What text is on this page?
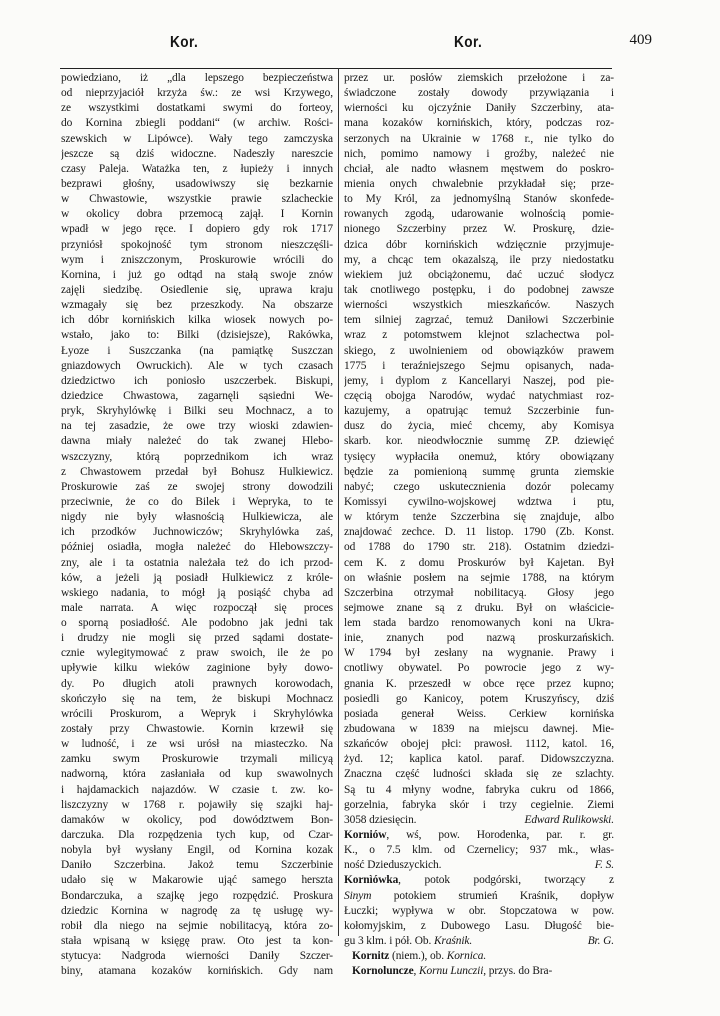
Kor.	Kor.	409
powiedziano, iż „dla lepszego bezpieczeństwa
od nieprzyjaciół krzyża św.: ze wsi Krzywego,
ze wszystkimi dostatkami swymi do forteoy,
do Kornina zbiegli poddani“ (w archiw. Rości-
szewskich w Lipówce). Wały tego zamczyska
jeszcze są dziś widoczne. Nadeszły nareszcie
czasy Paleja. Watażka ten, z łupieży i innych
bezprawi głośny, usadowiwszy się bezkarnie
w Chwastowie, wszystkie prawie szlacheckie
w okolicy dobra przemocą zajął. I Kornin
wpadł w jego ręce. I dopiero gdy rok 1717
przyniósł spokojność tym stronom nieszczęśli-
wym i zniszczonym, Proskurowie wrócili do
Kornina, i już go odtąd na stałą swoje znów
zajęli siedzibę. Osiedlenie się, uprawa kraju
wzmagały się bez przeszkody. Na obszarze
ich dóbr kornińskich kilka wiosek nowych po-
wstało, jako to: Bilki (dzisiejsze), Rakówka,
Łyoze i Suszczanka (na pamiątkę Suszczan
gniazdowych Owruckich). Ale w tych czasach
dziedzictwo ich poniosło uszczerbek. Biskupi,
dziedzice Chwastowa, zagarnęli sąsiedni We-
pryk, Skryhylówkę i Bilki seu Mochnacz, a to
na tej zasadzie, że owe trzy wioski zdawien-
dawna miały należeć do tak zwanej Hlebo-
wszczyzny, którą poprzednikom ich wraz
z Chwastowem przedał był Bohusz Hulkiewicz.
Proskurowie zaś ze swojej strony dowodzili
przeciwnie, że co do Bilek i Wepryka, to te
nigdy nie były własnością Hulkiewicza, ale
ich przodków Juchnowiczów; Skryhylówka zaś,
później osiadła, mogła należeć do Hlebowszczy-
zny, ale i ta ostatnia należała też do ich przod-
ków, a jeżeli ją posiadł Hulkiewicz z króle-
wskiego nadania, to mógł ją posiąść chyba ad
male narrata. A więc rozpoczął się proces
o sporną posiadłość. Ale podobno jak jedni tak
i drudzy nie mogli się przed sądami dostate-
cznie wylegitymować z praw swoich, ile że po
upływie kilku wieków zaginione były dowo-
dy. Po długich atoli prawnych korowodach,
skończyło się na tem, że biskupi Mochnacz
wrócili Proskurom, a Wepryk i Skryhylówka
zostały przy Chwastowie. Kornin krzewił się
w ludność, i ze wsi urósł na miasteczko. Na
zamku swym Proskurowie trzymali milicyą
nadworną, która zasłaniała od kup swawolnych
i hajdamackich najazdów. W czasie t. zw. ko-
liszczyzny w 1768 r. pojawiły się szajki haj-
damaków w okolicy, pod dowództwem Bon-
darczuka. Dla rozpędzenia tych kup, od Czar-
nobyla był wysłany Engil, od Kornina kozak
Daniło Szczerbina. Jakoż temu Szczerbinie
udało się w Makarowie ująć samego herszta
Bondarczuka, a szajkę jego rozpędzić. Proskura
dziedzic Kornina w nagrodę za tę usługę wy-
robił dla niego na sejmie nobilitacyą, która zo-
stała wpisaną w księgę praw. Oto jest ta kon-
stytucya: Nadgroda wierności Daniły Szczer-
biny, atamana kozaków kornińskich. Gdy nam
przez ur. posłów ziemskich przełożone i za-
świadczone zostały dowody przywiązania i
wierności ku ojczyźnie Daniły Szczerbiny, ata-
mana kozaków kornińskich, który, podczas roz-
serzonych na Ukrainie w 1768 r., nie tylko do
nich, pomimo namowy i groźby, należeć nie
chciał, ale nadto własnem męstwem do poskro-
mienia onych chwalebnie przykładał się; prze-
to My Król, za jednomyślną Stanów skonfede-
rowanych zgodą, udarowanie wolnością pomie-
nionego Szczerbiny przez W. Proskurę, dzie-
dzica dóbr kornińskich wdzięcznie przyjmuje-
my, a chcąc tem okazalszą, ile przy niedostatku
wiekiem już obciążonemu, dać uczuć słodycz
tak cnotliwego postępku, i do podobnej zawsze
wierności wszystkich mieszkańców. Naszych
tem silniej zagrzać, temuż Daniłowi Szczerbinie
wraz z potomstwem klejnot szlachectwa pol-
skiego, z uwolnieniem od obowiązków prawem
1775 i teraźniejszego Sejmu opisanych, nada-
jemy, i dyplom z Kancellaryi Naszej, pod pie-
częcią obojga Narodów, wydać natychmiast roz-
kazujemy, a opatrując temuż Szczerbinie fun-
dusz do życia, mieć chcemy, aby Komisya
skarb. kor. nieodwłocznie summę ZP. dziewięć
tysięcy wypłaciła onemuż, który obowiązany
będzie za pomienioną summę grunta ziemskie
nabyć; czego uskutecznienia dozór polecamy
Komissyi cywilno-wojskowej wdztwa i ptu,
w którym tenże Szczerbina się znajduje, albo
znajdować zechce. D. 11 listop. 1790 (Zb. Konst.
od 1788 do 1790 str. 218). Ostatnim dziedzi-
cem K. z domu Proskurów był Kajetan. Był
on właśnie posłem na sejmie 1788, na którym
Szczerbina otrzymał nobilitacyą. Głosy jego
sejmowe znane są z druku. Był on właścicie-
lem stada bardzo renomowanych koni na Ukra-
inie, znanych pod nazwą proskurzańskich.
W 1794 był zesłany na wygnanie. Prawy i
cnotliwy obywatel. Po powrocie jego z wy-
gnania K. przeszedł w obce ręce przez kupno;
posiedli go Kanicoy, potem Kruszyńscy, dziś
posiada generał Weiss. Cerkiew kornińska
zbudowana w 1839 na miejscu dawnej. Mie-
szkańców obojej płci: prawosł. 1112, katol. 16,
żyd. 12; kaplica katol. paraf. Didowszczyzna.
Znaczna część ludności składa się ze szlachty.
Są tu 4 młyny wodne, fabryka cukru od 1866,
gorzelnia, fabryka skór i trzy cegielnie. Ziemi
3058 dziesięcin.	Edward Rulikowski.
Korniów, wś, pow. Horodenka, par. r. gr.
K., o 7.5 klm. od Czernelicy; 937 mk., włas-
ność Dzieduszyckich.	F. S.
Kornìówka, potok podgórski, tworzący z
Sinym potokiem strumień Kraśnik, dopływ
Łuczki; wypływa w obr. Stopczatowa w pow.
kołomyjskim, z Dubowego Lasu. Długość bie-
gu 3 klm. i pół. Ob. Kraśnik.	Br. G.
Kornitz (niem.), ob. Kornica.
Kornoluncze, Kornu Lunczii, przys. do Bra-
